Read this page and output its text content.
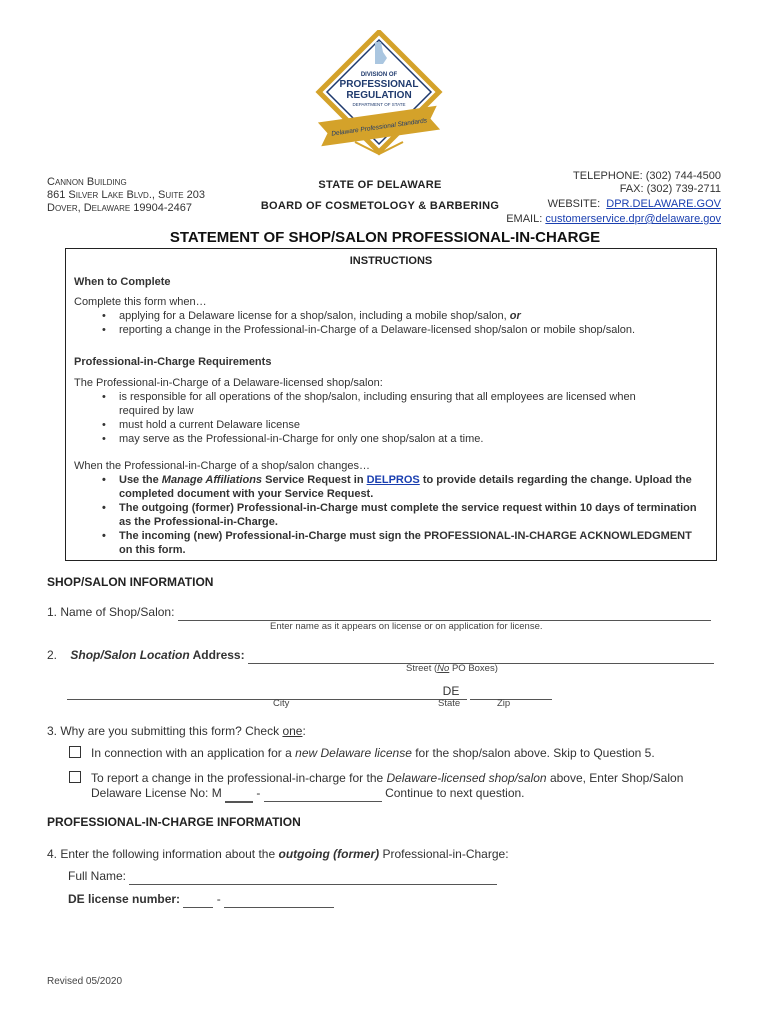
DIVISION OF
PROFESSIONAL
REGULATION
DEPARTMENT OF STATE
Delaware Professional Standards
Cannon Building
861 Silver Lake Blvd., Suite 203
Dover, Delaware 19904-2467
STATE OF DELAWARE
BOARD OF COSMETOLOGY & BARBERING
TELEPHONE: (302) 744-4500
FAX: (302) 739-2711
WEBSITE: DPR.DELAWARE.GOV
EMAIL: customerservice.dpr@delaware.gov
STATEMENT OF SHOP/SALON PROFESSIONAL-IN-CHARGE
INSTRUCTIONS
When to Complete
Complete this form when…
• applying for a Delaware license for a shop/salon, including a mobile shop/salon, or
• reporting a change in the Professional-in-Charge of a Delaware-licensed shop/salon or mobile shop/salon.
Professional-in-Charge Requirements
The Professional-in-Charge of a Delaware-licensed shop/salon:
• is responsible for all operations of the shop/salon, including ensuring that all employees are licensed when required by law
• must hold a current Delaware license
• may serve as the Professional-in-Charge for only one shop/salon at a time.
When the Professional-in-Charge of a shop/salon changes…
• Use the Manage Affiliations Service Request in DELPROS to provide details regarding the change. Upload the completed document with your Service Request.
• The outgoing (former) Professional-in-Charge must complete the service request within 10 days of termination as the Professional-in-Charge.
• The incoming (new) Professional-in-Charge must sign the PROFESSIONAL-IN-CHARGE ACKNOWLEDGMENT on this form.
SHOP/SALON INFORMATION
1. Name of Shop/Salon:
Enter name as it appears on license or on application for license.
2. Shop/Salon Location Address:
Street (No PO Boxes)
DE
City	State	Zip
3. Why are you submitting this form? Check one:
In connection with an application for a new Delaware license for the shop/salon above. Skip to Question 5.
To report a change in the professional-in-charge for the Delaware-licensed shop/salon above, Enter Shop/Salon
Delaware License No: M   -	Continue to next question.
PROFESSIONAL-IN-CHARGE INFORMATION
4. Enter the following information about the outgoing (former) Professional-in-Charge:
Full Name:
DE license number:	-
Revised 05/2020
